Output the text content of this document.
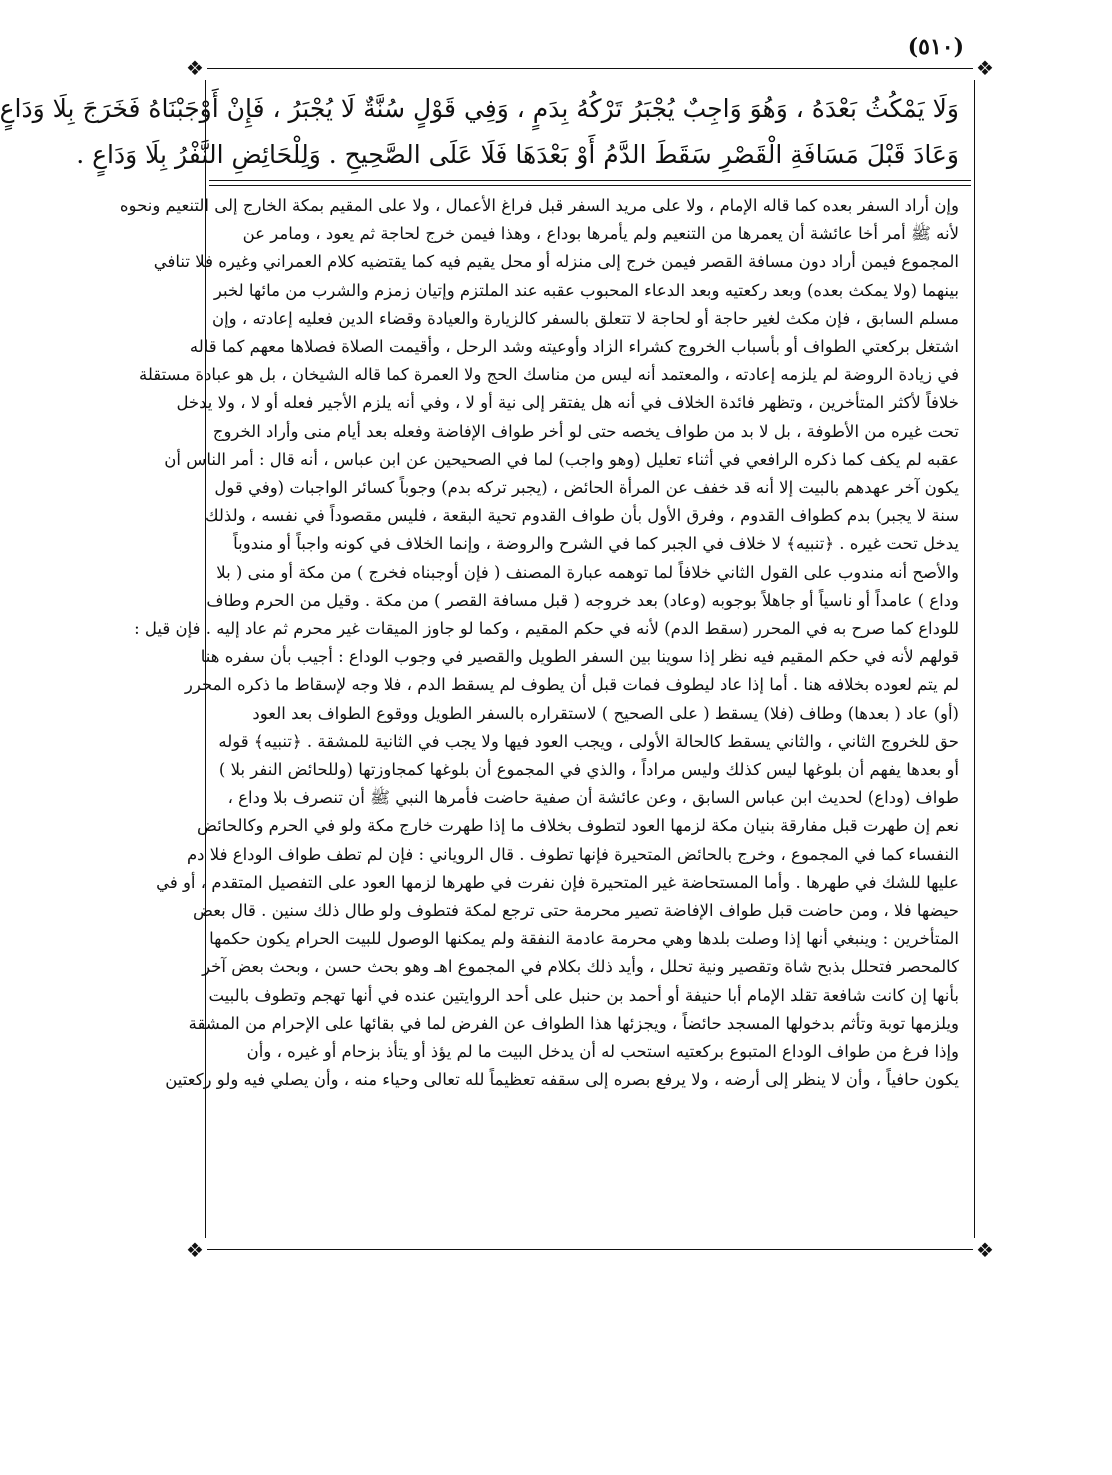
(٥١٠)
❖	❖
❖	❖
وَلَا يَمْكُثُ بَعْدَهُ ، وَهُوَ وَاجِبٌ يُجْبَرُ تَرْكُهُ بِدَمٍ ، وَفِي قَوْلٍ سُنَّةٌ لَا يُجْبَرُ ، فَإِنْ أَوْجَبْنَاهُ فَخَرَجَ بِلَا وَدَاعٍ
وَعَادَ قَبْلَ مَسَافَةِ الْقَصْرِ سَقَطَ الدَّمُ أَوْ بَعْدَهَا فَلَا عَلَى الصَّحِيحِ . وَلِلْحَائِضِ النَّفْرُ بِلَا وَدَاعٍ .
وإن أراد السفر بعده كما قاله الإمام ، ولا على مريد السفر قبل فراغ الأعمال ، ولا على المقيم بمكة الخارج إلى التنعيم ونحوه
لأنه ﷺ أمر أخا عائشة أن يعمرها من التنعيم ولم يأمرها بوداع ، وهذا فيمن خرج لحاجة ثم يعود ، ومامر عن
المجموع فيمن أراد دون مسافة القصر فيمن خرج إلى منزله أو محل يقيم فيه كما يقتضيه كلام العمراني وغيره فلا تنافي
بينهما (ولا يمكث بعده) وبعد ركعتيه وبعد الدعاء المحبوب عقبه عند الملتزم وإتيان زمزم والشرب من مائها لخبر
مسلم السابق ، فإن مكث لغير حاجة أو لحاجة لا تتعلق بالسفر كالزيارة والعيادة وقضاء الدين فعليه إعادته ، وإن
اشتغل بركعتي الطواف أو بأسباب الخروج كشراء الزاد وأوعيته وشد الرحل ، وأقيمت الصلاة فصلاها معهم كما قاله
في زيادة الروضة لم يلزمه إعادته ، والمعتمد أنه ليس من مناسك الحج ولا العمرة كما قاله الشيخان ، بل هو عبادة مستقلة
خلافاً لأكثر المتأخرين ، وتظهر فائدة الخلاف في أنه هل يفتقر إلى نية أو لا ، وفي أنه يلزم الأجير فعله أو لا ، ولا يدخل
تحت غيره من الأطوفة ، بل لا بد من طواف يخصه حتى لو أخر طواف الإفاضة وفعله بعد أيام منى وأراد الخروج
عقبه لم يكف كما ذكره الرافعي في أثناء تعليل (وهو واجب) لما في الصحيحين عن ابن عباس ، أنه قال : أمر الناس أن
يكون آخر عهدهم بالبيت إلا أنه قد خفف عن المرأة الحائض ، (يجبر تركه بدم) وجوباً كسائر الواجبات (وفي قول
سنة لا يجبر) بدم كطواف القدوم ، وفرق الأول بأن طواف القدوم تحية البقعة ، فليس مقصوداً في نفسه ، ولذلك
يدخل تحت غيره . ﴿تنبيه﴾ لا خلاف في الجبر كما في الشرح والروضة ، وإنما الخلاف في كونه واجباً أو مندوباً
والأصح أنه مندوب على القول الثاني خلافاً لما توهمه عبارة المصنف ( فإن أوجبناه فخرج ) من مكة أو منى ( بلا
وداع ) عامداً أو ناسياً أو جاهلاً بوجوبه (وعاد) بعد خروجه ( قبل مسافة القصر ) من مكة . وقيل من الحرم وطاف
للوداع كما صرح به في المحرر (سقط الدم) لأنه في حكم المقيم ، وكما لو جاوز الميقات غير محرم ثم عاد إليه . فإن قيل :
قولهم لأنه في حكم المقيم فيه نظر إذا سوينا بين السفر الطويل والقصير في وجوب الوداع : أجيب بأن سفره هنا
لم يتم لعوده بخلافه هنا . أما إذا عاد ليطوف فمات قبل أن يطوف لم يسقط الدم ، فلا وجه لإسقاط ما ذكره المحرر
(أو) عاد ( بعدها) وطاف (فلا) يسقط ( على الصحيح ) لاستقراره بالسفر الطويل ووقوع الطواف بعد العود
حق للخروج الثاني ، والثاني يسقط كالحالة الأولى ، ويجب العود فيها ولا يجب في الثانية للمشقة . ﴿تنبيه﴾ قوله
أو بعدها يفهم أن بلوغها ليس كذلك وليس مراداً ، والذي في المجموع أن بلوغها كمجاوزتها (وللحائض النفر بلا )
طواف (وداع) لحديث ابن عباس السابق ، وعن عائشة أن صفية حاضت فأمرها النبي ﷺ أن تنصرف بلا وداع ،
نعم إن طهرت قبل مفارقة بنيان مكة لزمها العود لتطوف بخلاف ما إذا طهرت خارج مكة ولو في الحرم وكالحائض
النفساء كما في المجموع ، وخرج بالحائض المتحيرة فإنها تطوف . قال الروياني : فإن لم تطف طواف الوداع فلا دم
عليها للشك في طهرها . وأما المستحاضة غير المتحيرة فإن نفرت في طهرها لزمها العود على التفصيل المتقدم ، أو في
حيضها فلا ، ومن حاضت قبل طواف الإفاضة تصير محرمة حتى ترجع لمكة فتطوف ولو طال ذلك سنين . قال بعض
المتأخرين : وينبغي أنها إذا وصلت بلدها وهي محرمة عادمة النفقة ولم يمكنها الوصول للبيت الحرام يكون حكمها
كالمحصر فتحلل بذبح شاة وتقصير ونية تحلل ، وأيد ذلك بكلام في المجموع اهـ وهو بحث حسن ، وبحث بعض آخر
بأنها إن كانت شافعة تقلد الإمام أبا حنيفة أو أحمد بن حنبل على أحد الروايتين عنده في أنها تهجم وتطوف بالبيت
ويلزمها توبة وتأثم بدخولها المسجد حائضاً ، ويجزئها هذا الطواف عن الفرض لما في بقائها على الإحرام من المشقة
وإذا فرغ من طواف الوداع المتبوع بركعتيه استحب له أن يدخل البيت ما لم يؤذ أو يتأذ بزحام أو غيره ، وأن
يكون حافياً ، وأن لا ينظر إلى أرضه ، ولا يرفع بصره إلى سقفه تعظيماً لله تعالى وحياء منه ، وأن يصلي فيه ولو ركعتين
